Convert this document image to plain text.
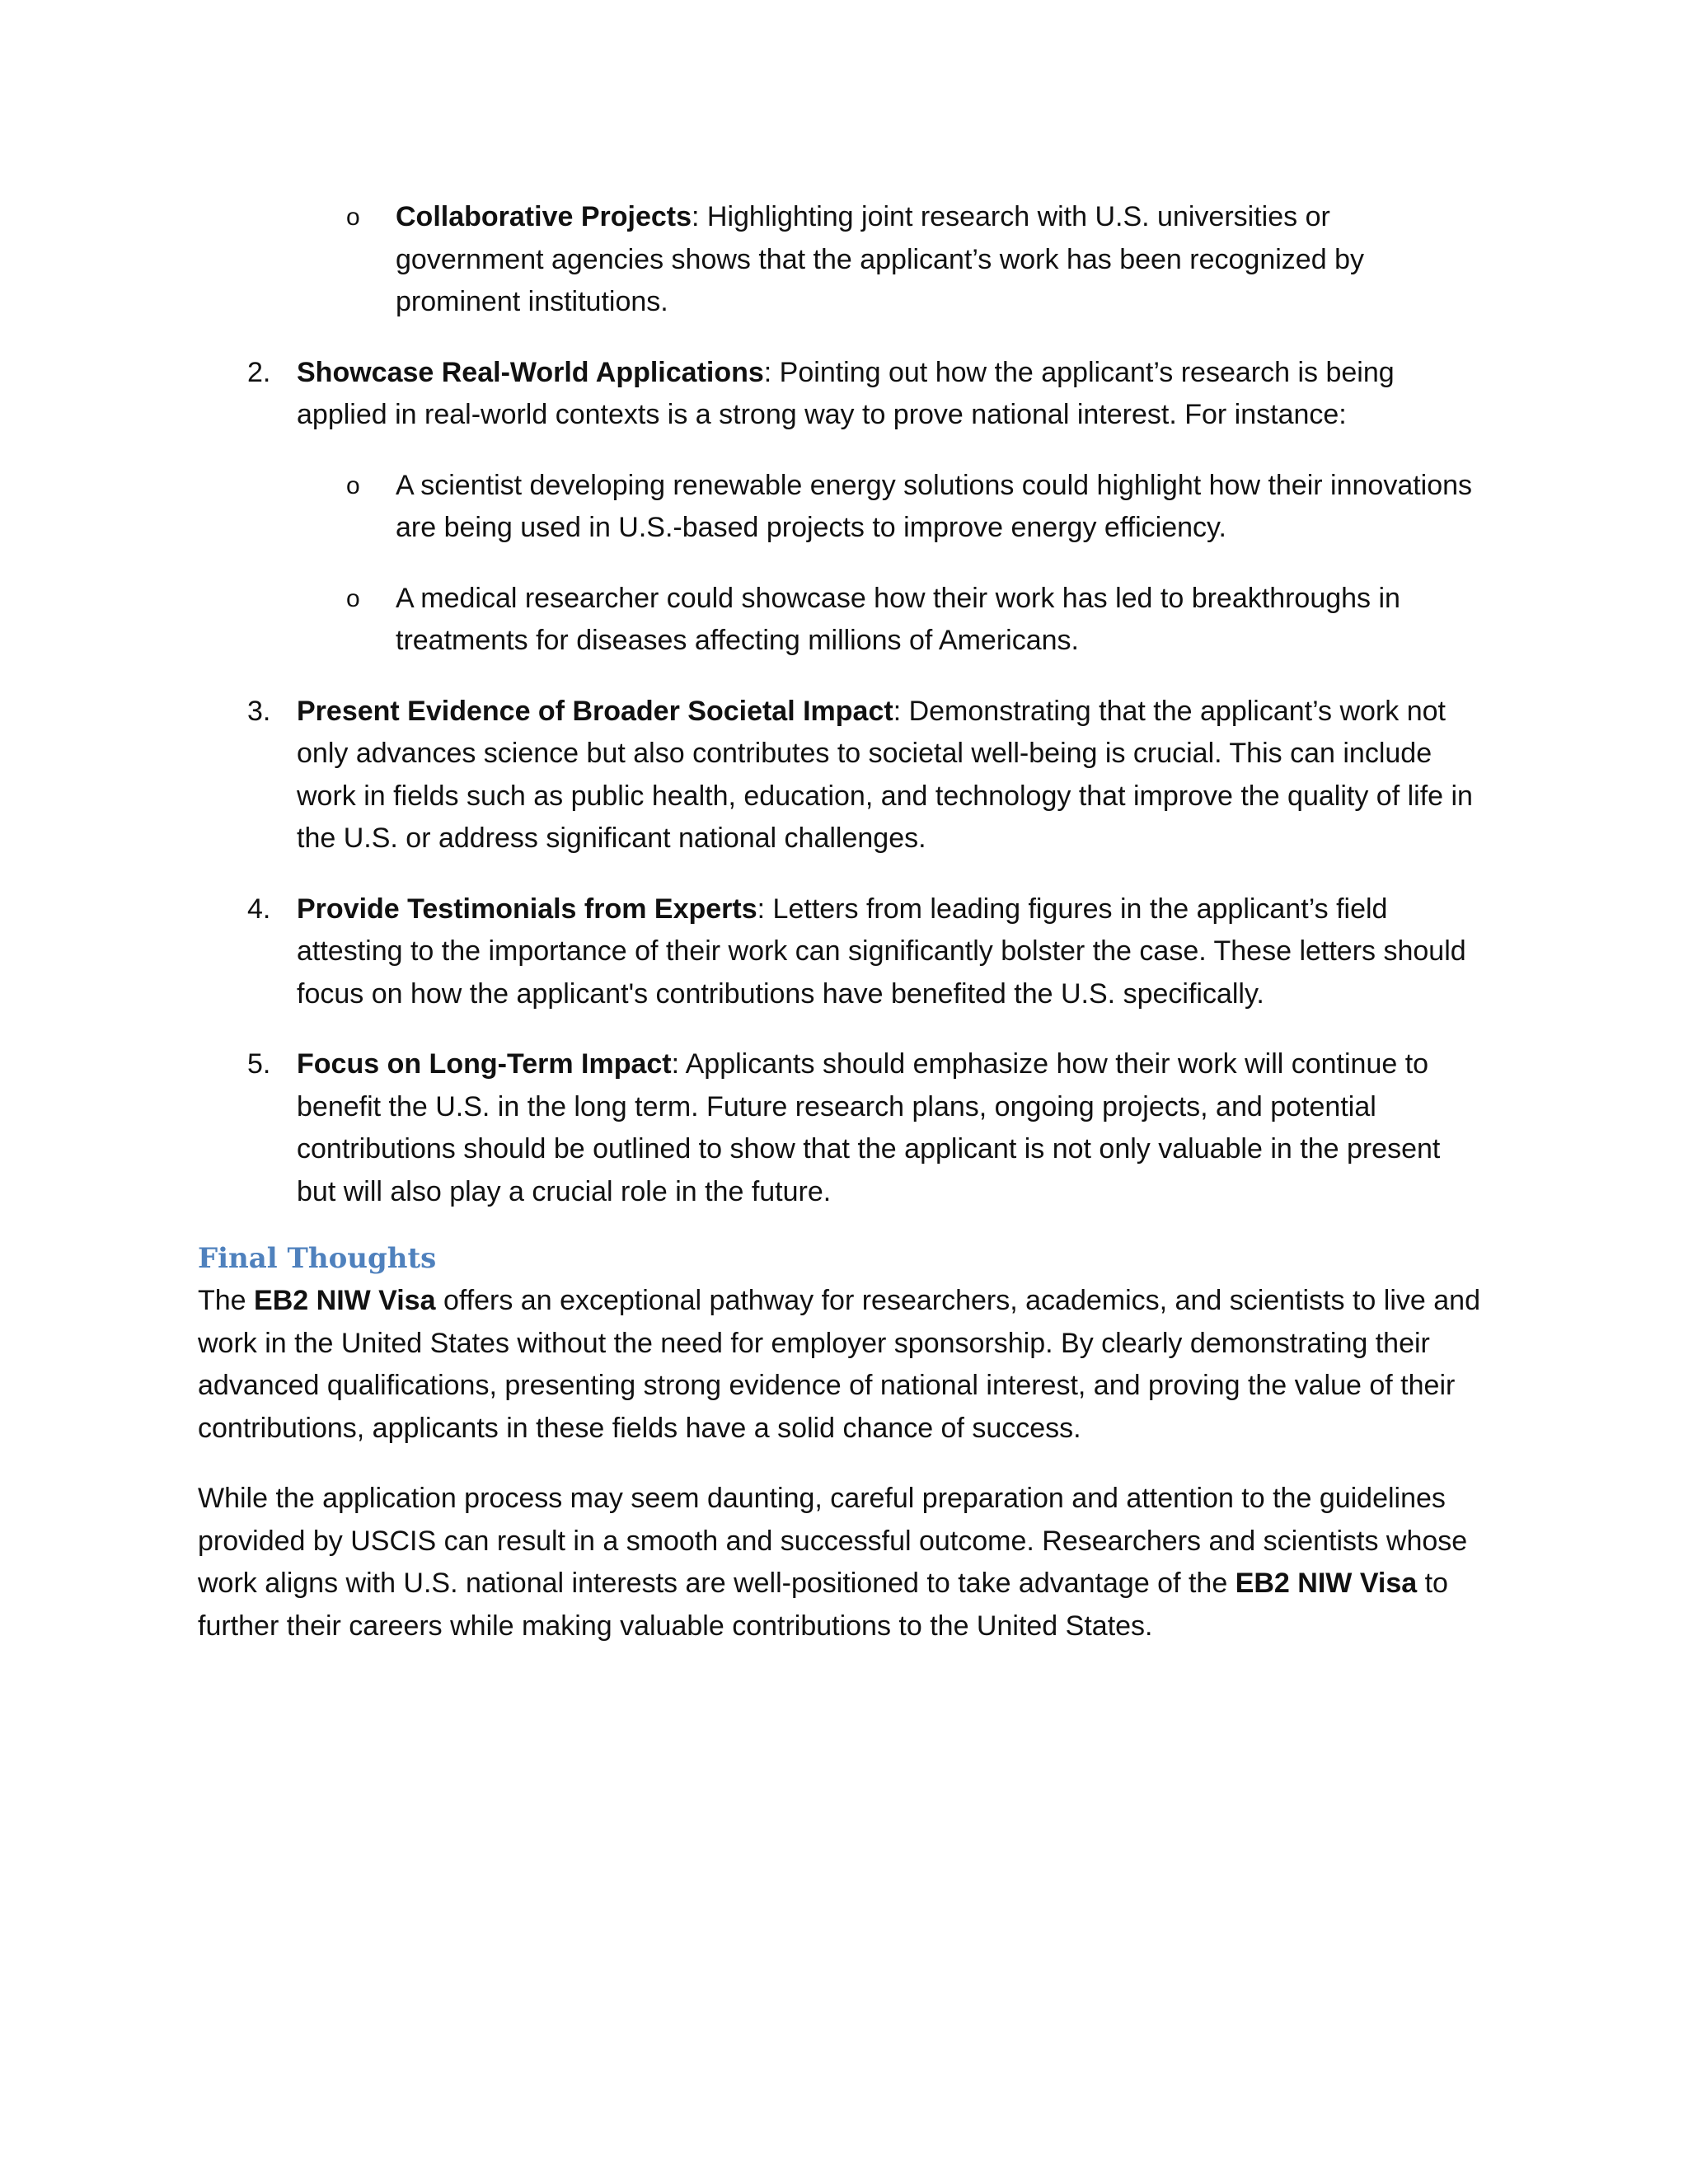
o Collaborative Projects: Highlighting joint research with U.S. universities or government agencies shows that the applicant’s work has been recognized by prominent institutions.
2. Showcase Real-World Applications: Pointing out how the applicant’s research is being applied in real-world contexts is a strong way to prove national interest. For instance:
o A scientist developing renewable energy solutions could highlight how their innovations are being used in U.S.-based projects to improve energy efficiency.
o A medical researcher could showcase how their work has led to breakthroughs in treatments for diseases affecting millions of Americans.
3. Present Evidence of Broader Societal Impact: Demonstrating that the applicant’s work not only advances science but also contributes to societal well-being is crucial. This can include work in fields such as public health, education, and technology that improve the quality of life in the U.S. or address significant national challenges.
4. Provide Testimonials from Experts: Letters from leading figures in the applicant’s field attesting to the importance of their work can significantly bolster the case. These letters should focus on how the applicant's contributions have benefited the U.S. specifically.
5. Focus on Long-Term Impact: Applicants should emphasize how their work will continue to benefit the U.S. in the long term. Future research plans, ongoing projects, and potential contributions should be outlined to show that the applicant is not only valuable in the present but will also play a crucial role in the future.
Final Thoughts

The EB2 NIW Visa offers an exceptional pathway for researchers, academics, and scientists to live and work in the United States without the need for employer sponsorship. By clearly demonstrating their advanced qualifications, presenting strong evidence of national interest, and proving the value of their contributions, applicants in these fields have a solid chance of success.

While the application process may seem daunting, careful preparation and attention to the guidelines provided by USCIS can result in a smooth and successful outcome. Researchers and scientists whose work aligns with U.S. national interests are well-positioned to take advantage of the EB2 NIW Visa to further their careers while making valuable contributions to the United States.
